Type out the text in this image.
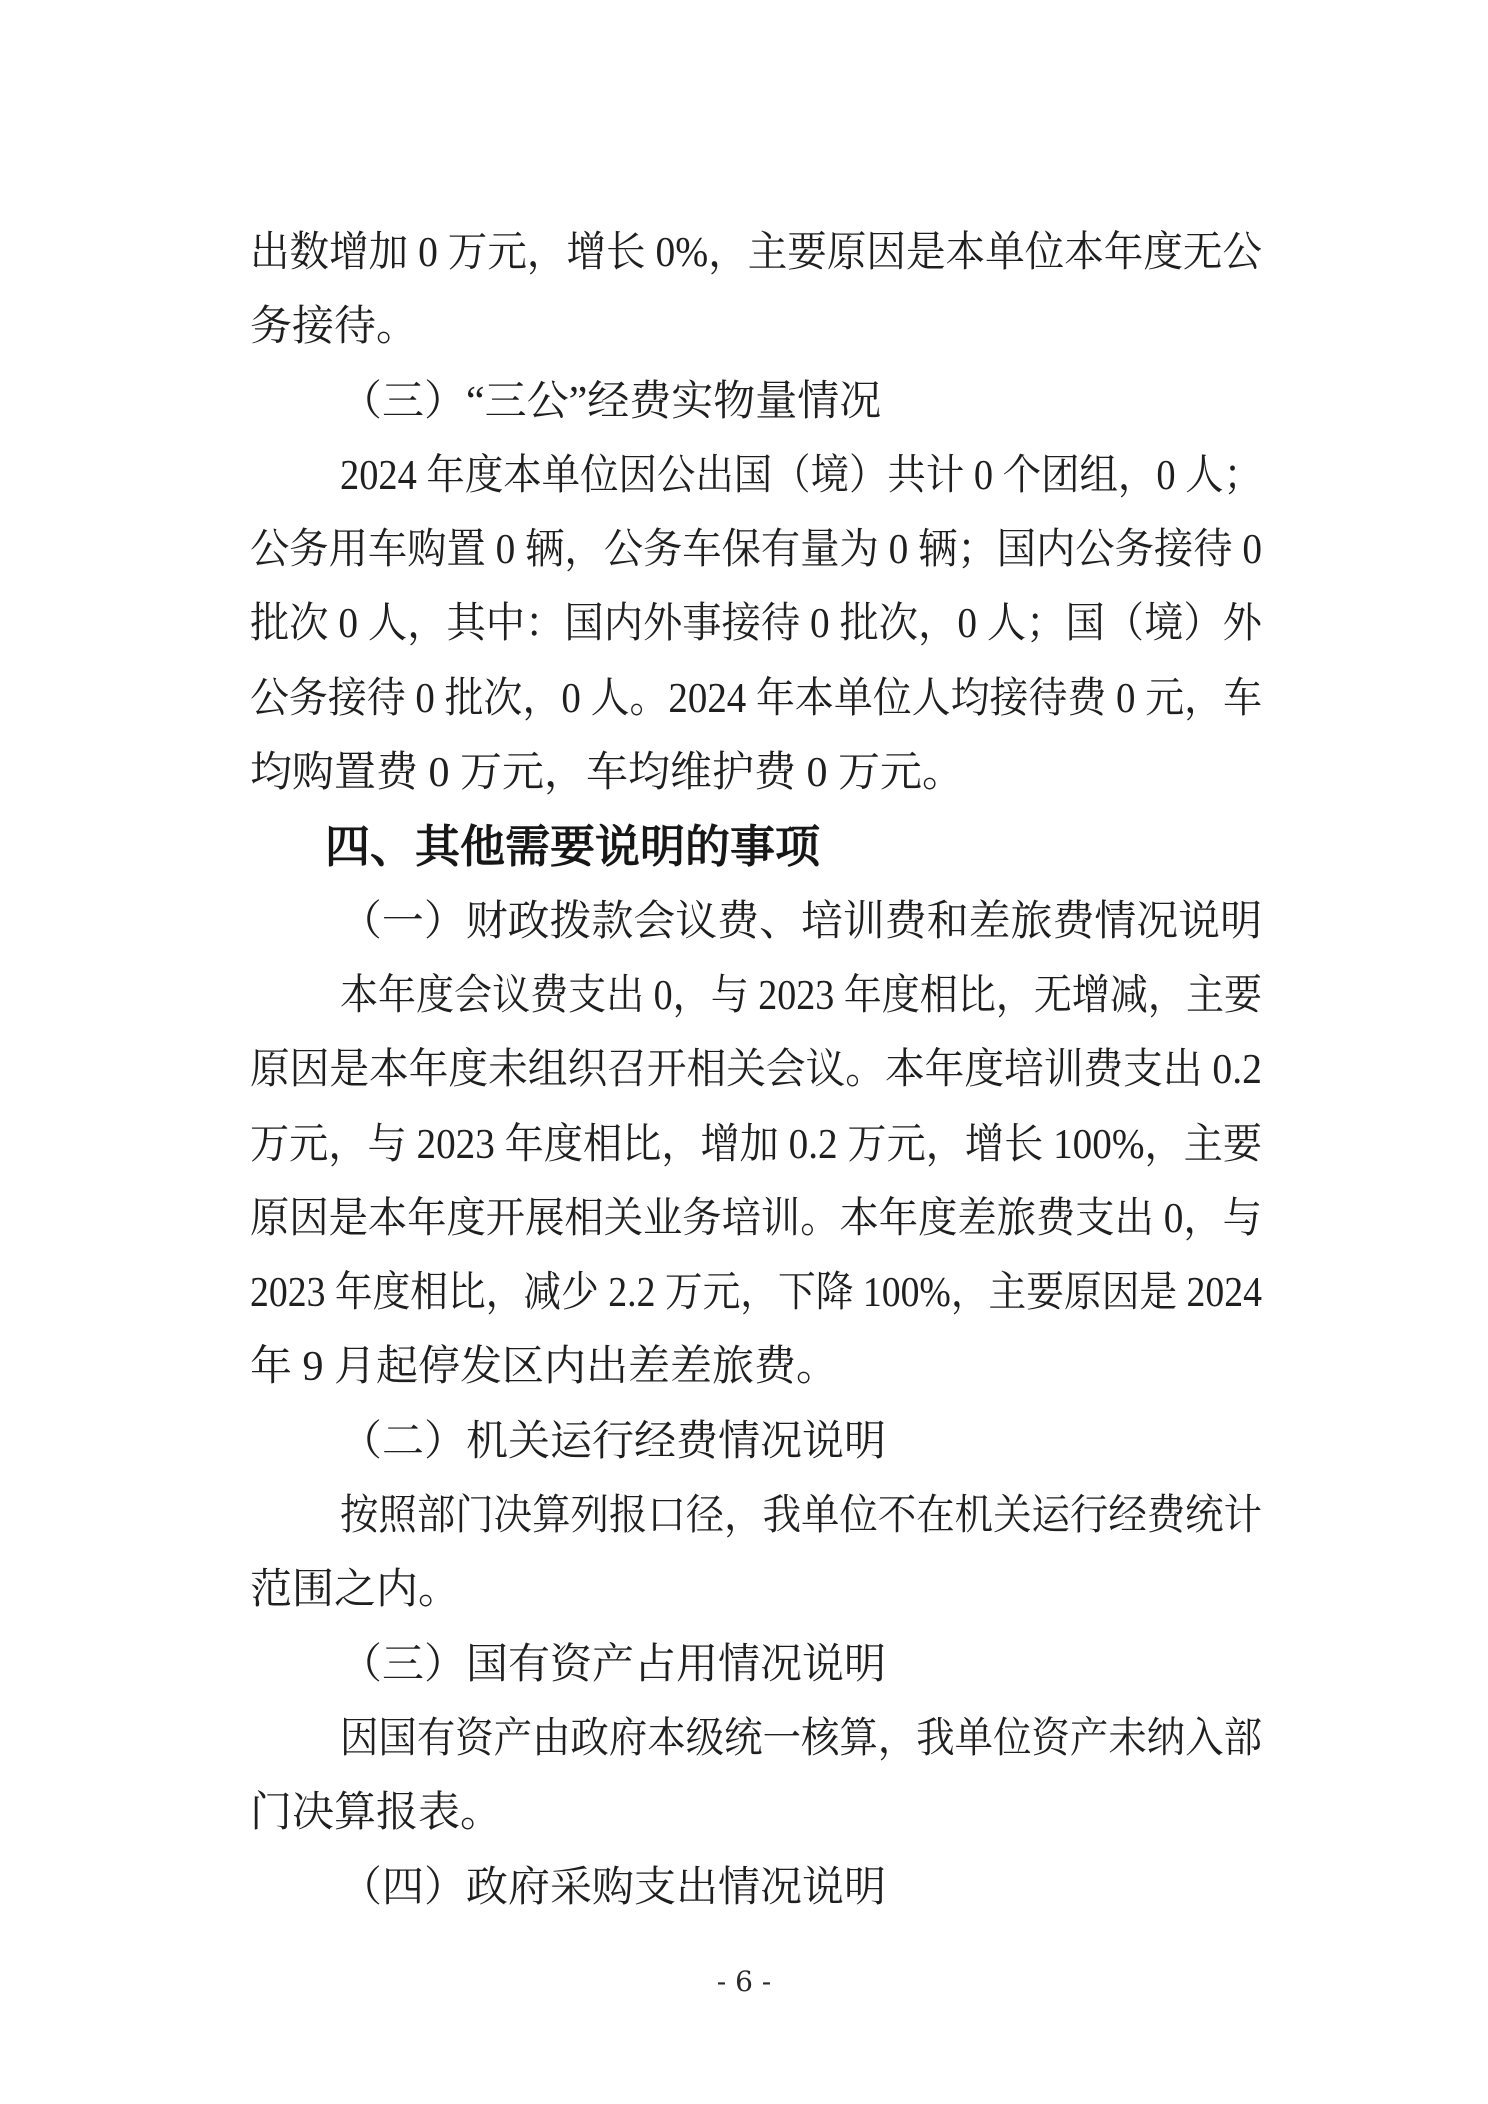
出数增加 0 万元，增长 0%，主要原因是本单位本年度无公
务接待。
（三）“三公”经费实物量情况
2024 年度本单位因公出国（境）共计 0 个团组，0 人；
公务用车购置 0 辆，公务车保有量为 0 辆；国内公务接待 0
批次 0 人，其中：国内外事接待 0 批次，0 人；国（境）外
公务接待 0 批次，0 人。2024 年本单位人均接待费 0 元，车
均购置费 0 万元，车均维护费 0 万元。
四、其他需要说明的事项
（一）财政拨款会议费、培训费和差旅费情况说明
本年度会议费支出 0，与 2023 年度相比，无增减，主要
原因是本年度未组织召开相关会议。本年度培训费支出 0.2
万元，与 2023 年度相比，增加 0.2 万元，增长 100%，主要
原因是本年度开展相关业务培训。本年度差旅费支出 0，与
2023 年度相比，减少 2.2 万元，下降 100%，主要原因是 2024
年 9 月起停发区内出差差旅费。
（二）机关运行经费情况说明
按照部门决算列报口径，我单位不在机关运行经费统计
范围之内。
（三）国有资产占用情况说明
因国有资产由政府本级统一核算，我单位资产未纳入部
门决算报表。
（四）政府采购支出情况说明
- 6 -
